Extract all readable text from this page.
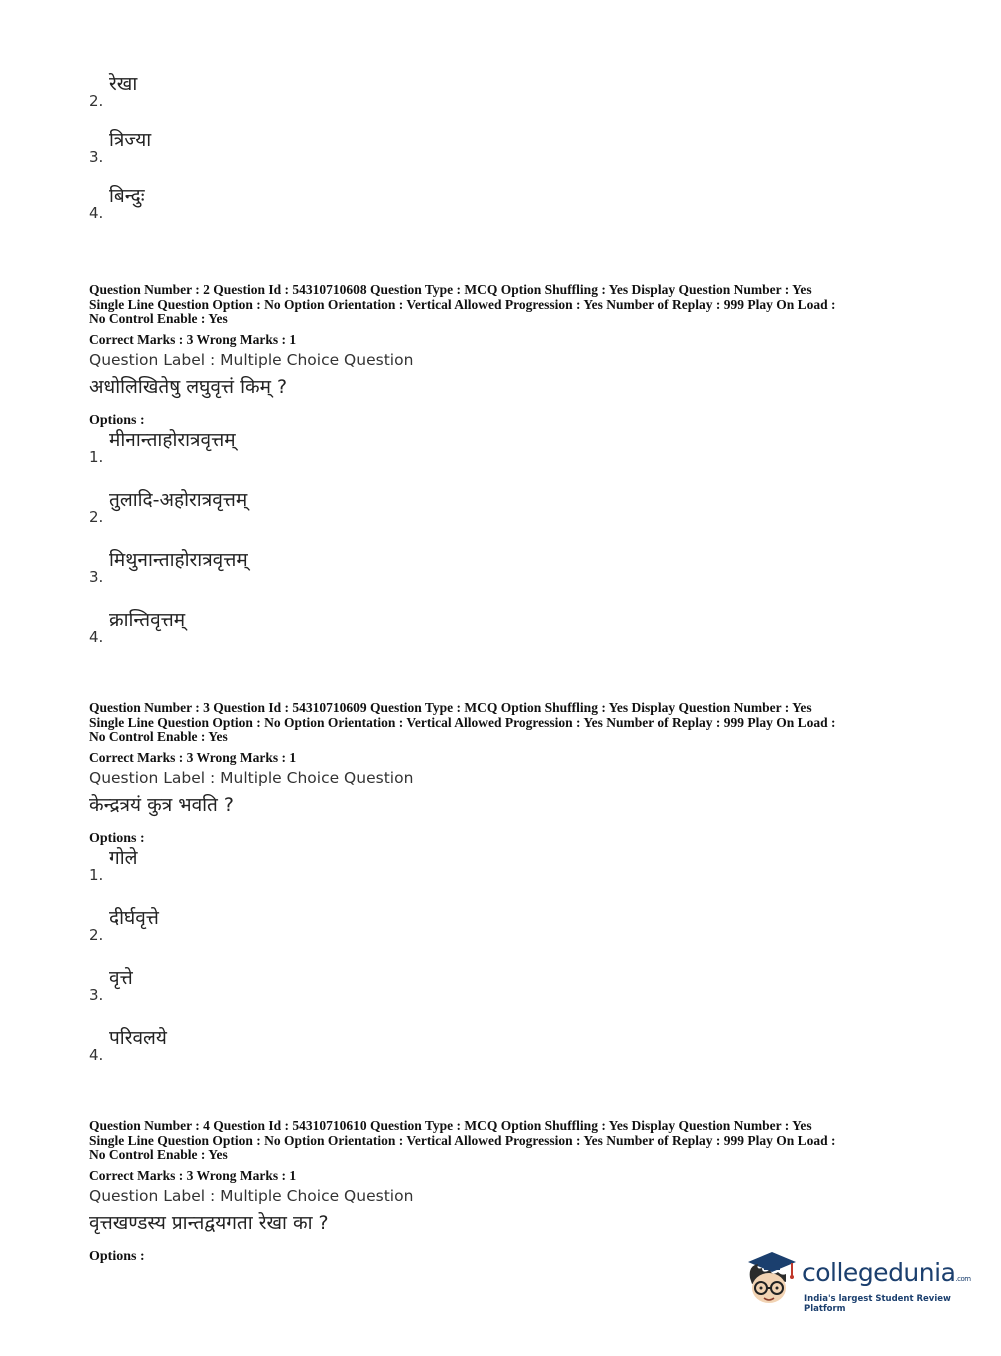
2.
रेखा
3.
त्रिज्या
4.
बिन्दुः

Question Number : 2 Question Id : 54310710608 Question Type : MCQ Option Shuffling : Yes Display Question Number : Yes

Single Line Question Option : No Option Orientation : Vertical Allowed Progression : Yes Number of Replay : 999 Play On Load :

No Control Enable : Yes

Correct Marks : 3 Wrong Marks : 1
Question Label : Multiple Choice Question
अधोलिखितेषु लघुवृत्तं किम् ?
Options :
1.
मीनान्ताहोरात्रवृत्तम्
2.
तुलादि-अहोरात्रवृत्तम्
3.
मिथुनान्ताहोरात्रवृत्तम्
4.
क्रान्तिवृत्तम्

Question Number : 3 Question Id : 54310710609 Question Type : MCQ Option Shuffling : Yes Display Question Number : Yes

Single Line Question Option : No Option Orientation : Vertical Allowed Progression : Yes Number of Replay : 999 Play On Load :

No Control Enable : Yes

Correct Marks : 3 Wrong Marks : 1
Question Label : Multiple Choice Question
केन्द्रत्रयं कुत्र भवति ?
Options :
1.
गोले
2.
दीर्घवृत्ते
3.
वृत्ते
4.
परिवलये

Question Number : 4 Question Id : 54310710610 Question Type : MCQ Option Shuffling : Yes Display Question Number : Yes

Single Line Question Option : No Option Orientation : Vertical Allowed Progression : Yes Number of Replay : 999 Play On Load :

No Control Enable : Yes

Correct Marks : 3 Wrong Marks : 1
Question Label : Multiple Choice Question
वृत्तखण्डस्य प्रान्तद्वयगता रेखा का ?
Options :
collegedunia.com
India's largest Student Review Platform
